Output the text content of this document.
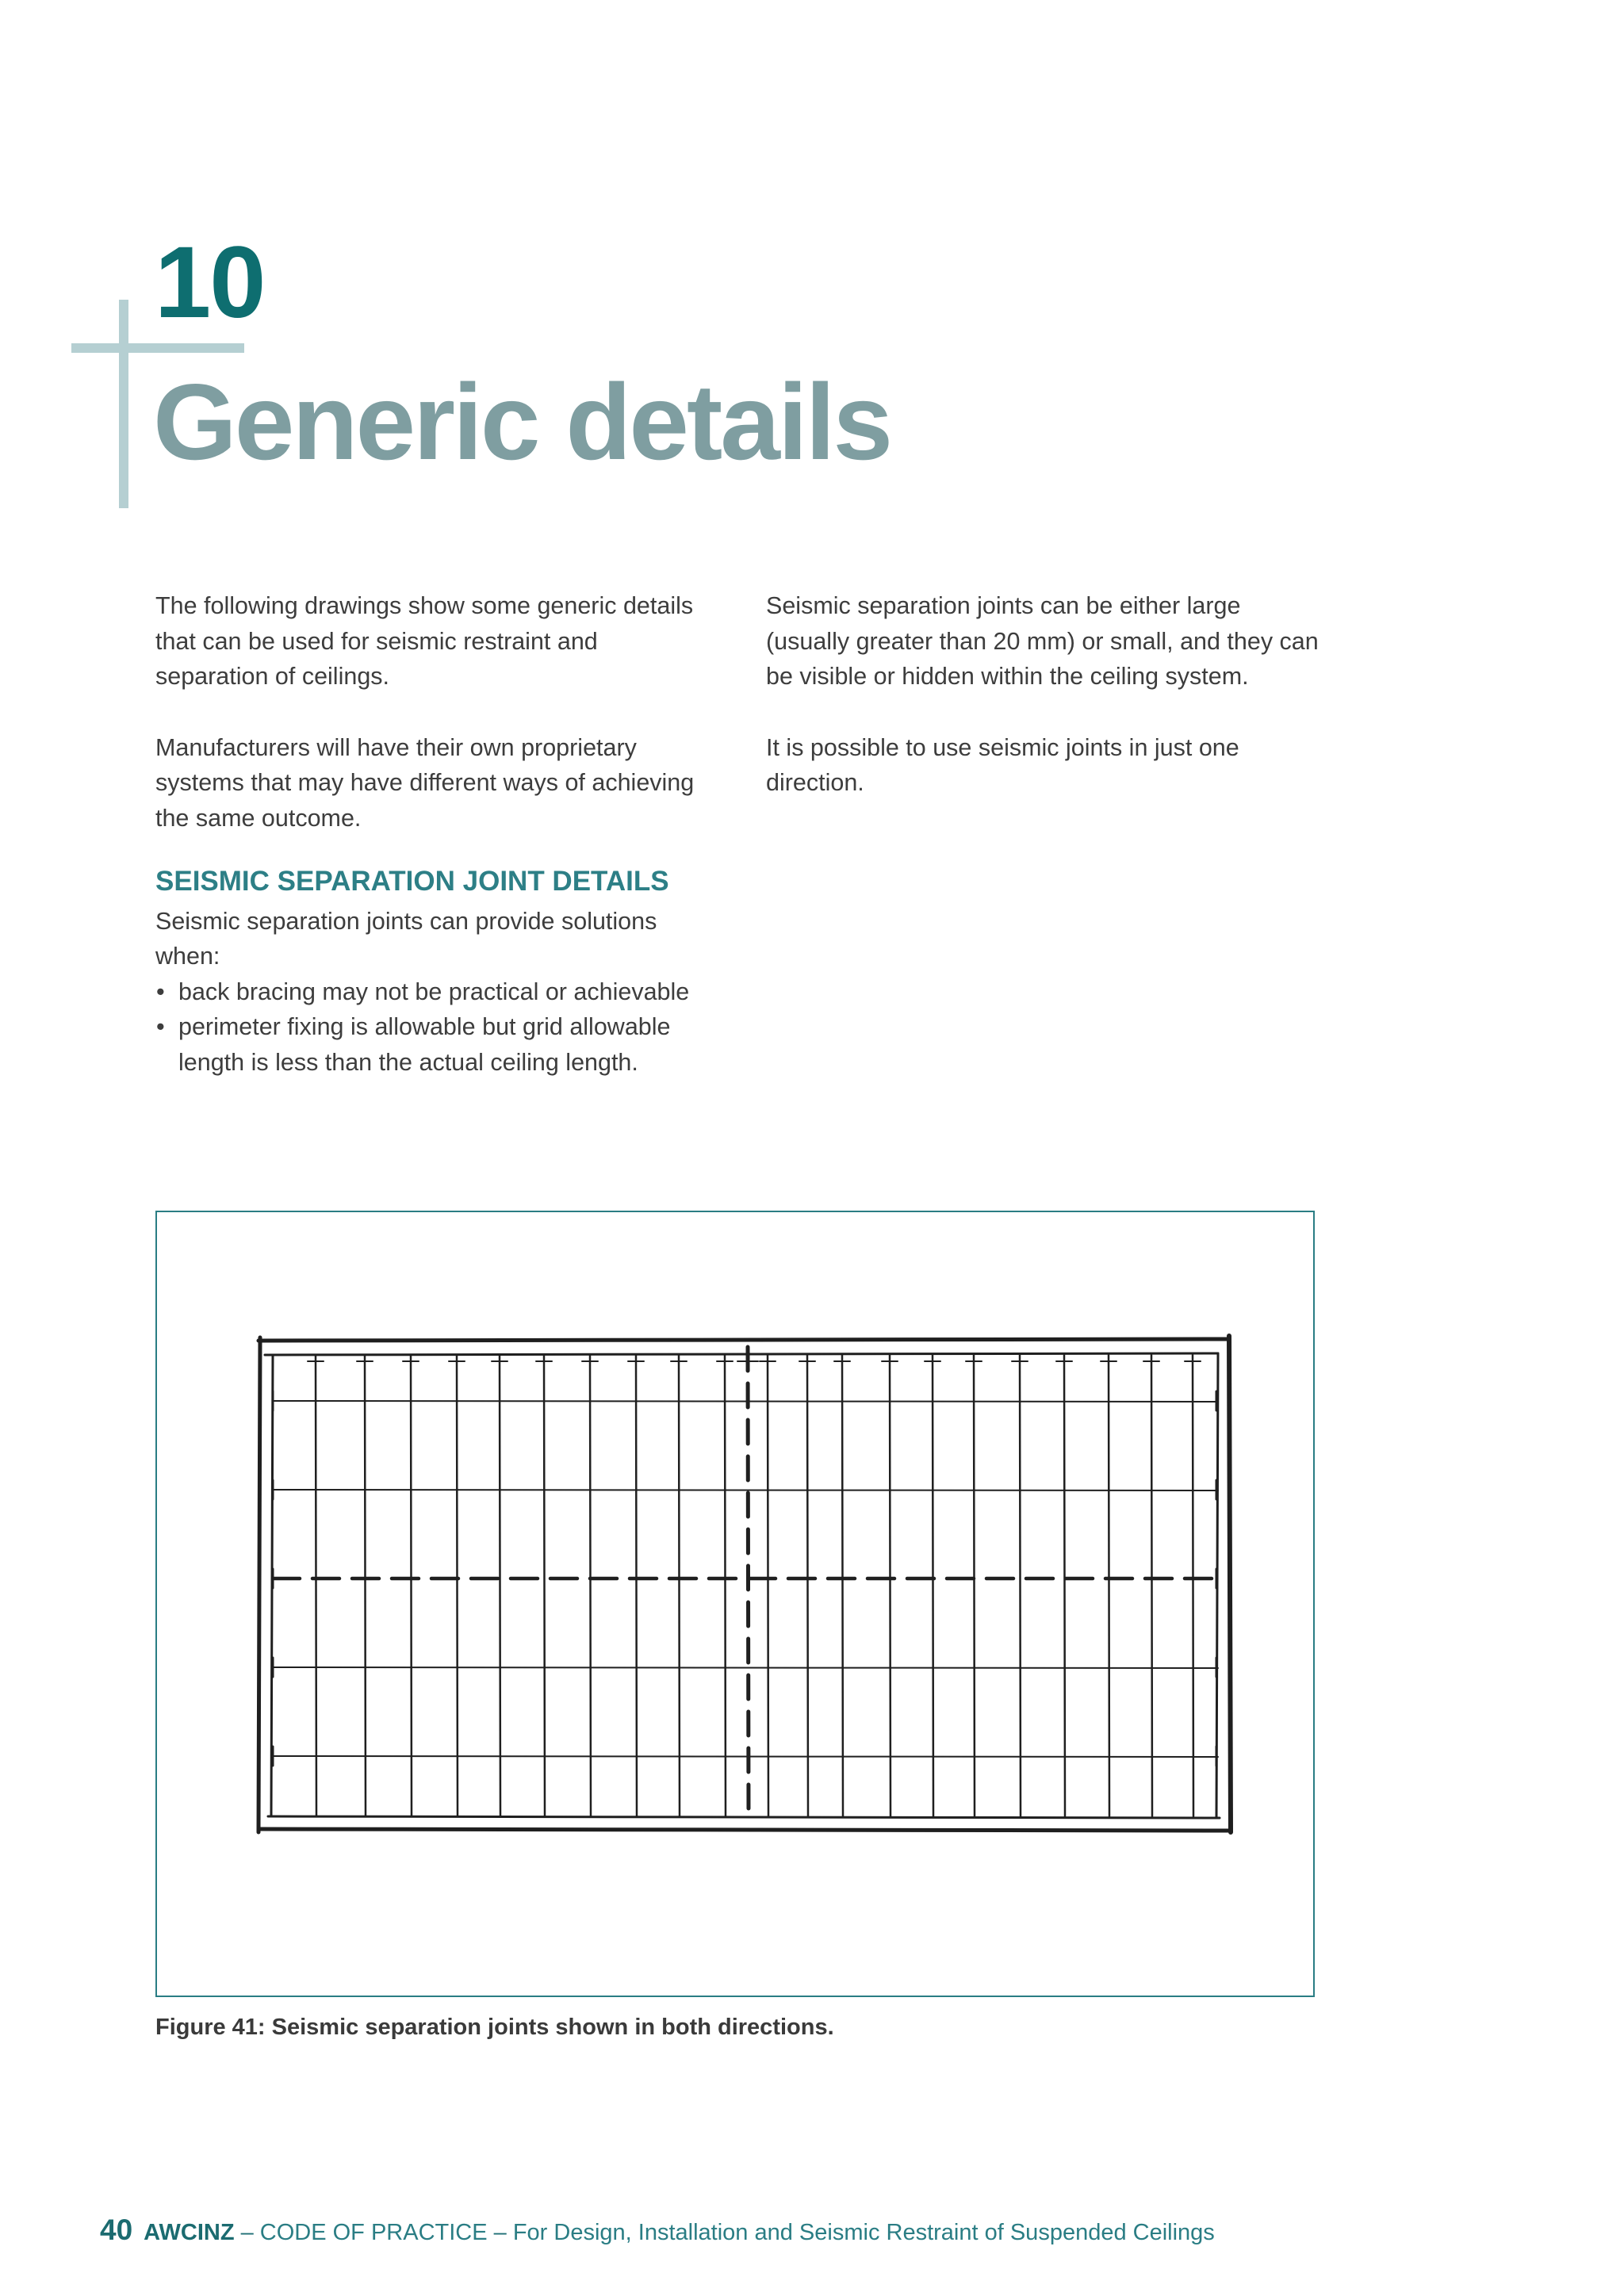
10
Generic details

The following drawings show some generic details that can be used for seismic restraint and separation of ceilings.

Manufacturers will have their own proprietary systems that may have different ways of achieving the same outcome.

SEISMIC SEPARATION JOINT DETAILS

Seismic separation joints can provide solutions when:

• back bracing may not be practical or achievable
• perimeter fixing is allowable but grid allowable length is less than the actual ceiling length.

Seismic separation joints can be either large (usually greater than 20 mm) or small, and they can be visible or hidden within the ceiling system.

It is possible to use seismic joints in just one direction.

Figure 41: Seismic separation joints shown in both directions.
40 AWCINZ – CODE OF PRACTICE – For Design, Installation and Seismic Restraint of Suspended Ceilings
